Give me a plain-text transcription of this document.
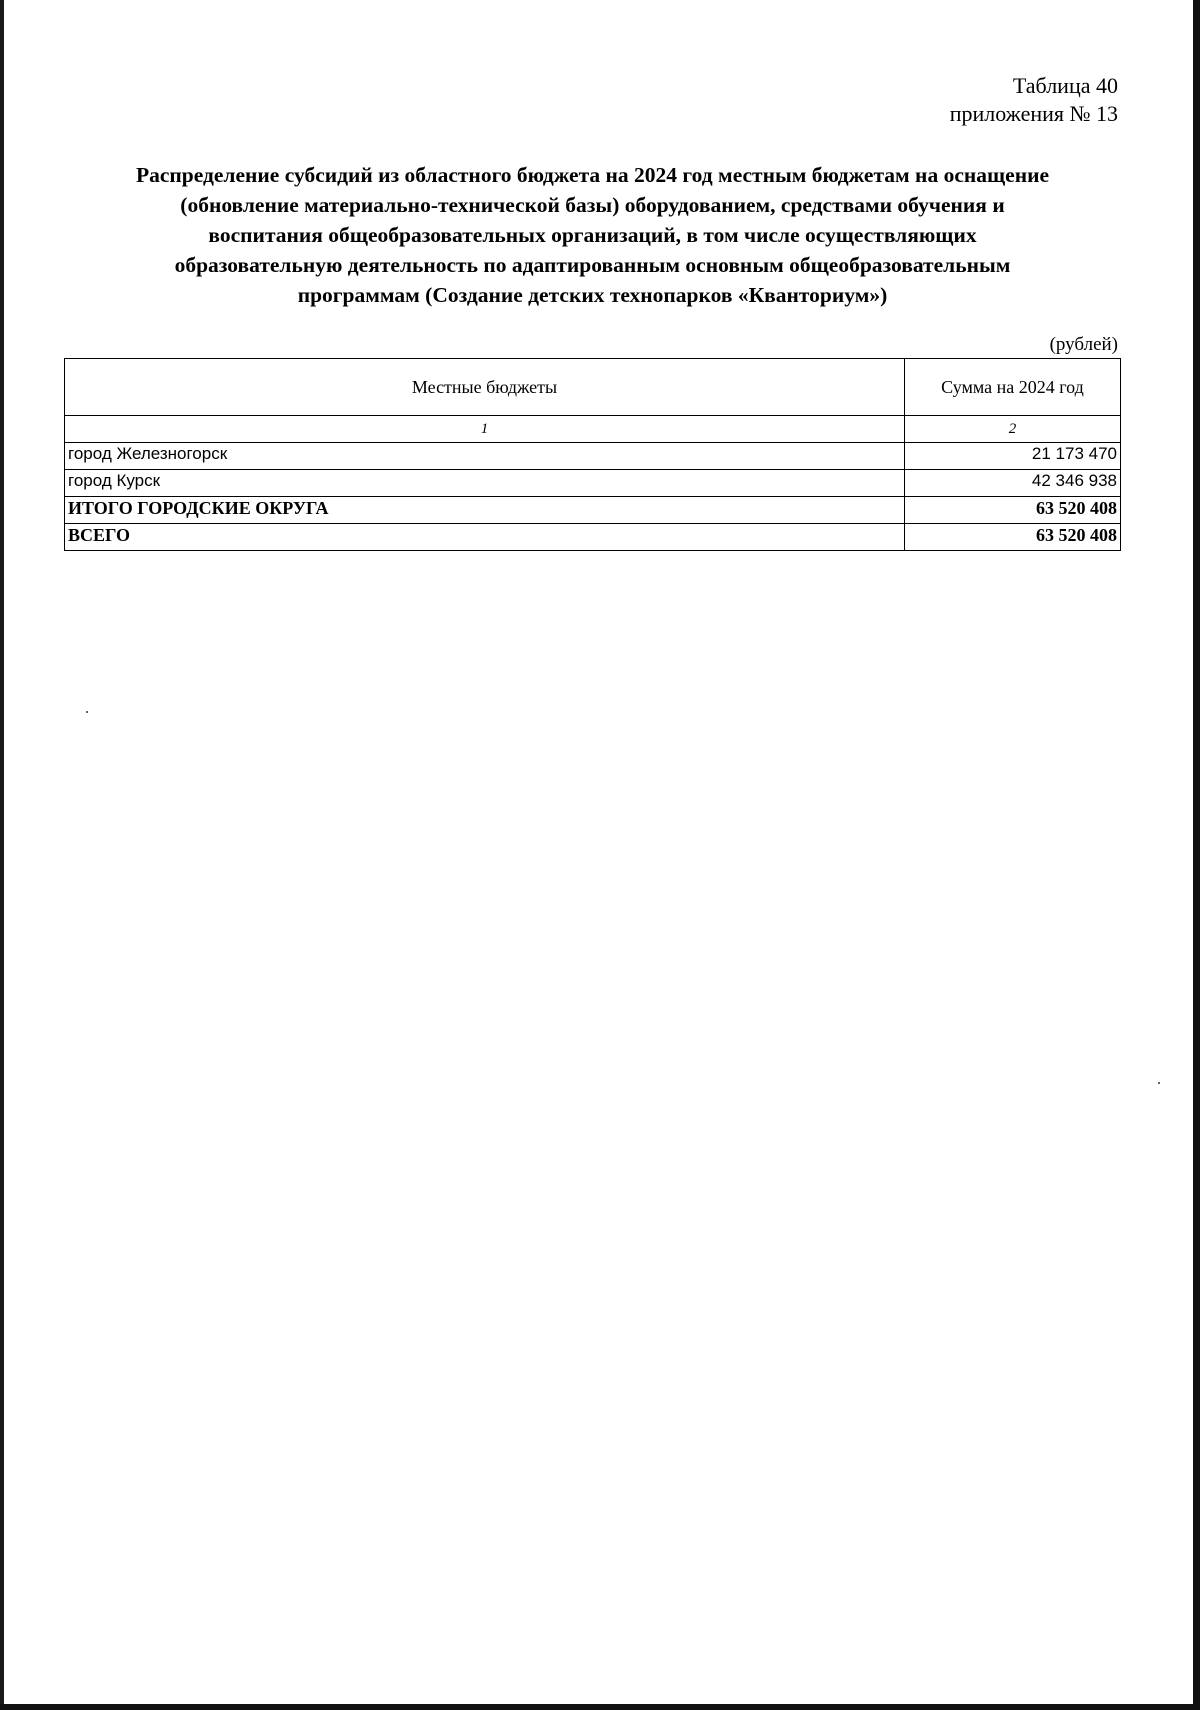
Таблица 40
приложения № 13
Распределение субсидий из областного бюджета на 2024 год местным бюджетам на оснащение
(обновление материально-технической базы) оборудованием, средствами обучения и
воспитания общеобразовательных организаций, в том числе осуществляющих
образовательную деятельность по адаптированным основным общеобразовательным
программам (Создание детских технопарков «Кванториум»)
(рублей)
Местные бюджеты	Сумма на 2024 год
1	2
город Железногорск	21 173 470
город Курск	42 346 938
ИТОГО ГОРОДСКИЕ ОКРУГА	63 520 408
ВСЕГО	63 520 408
